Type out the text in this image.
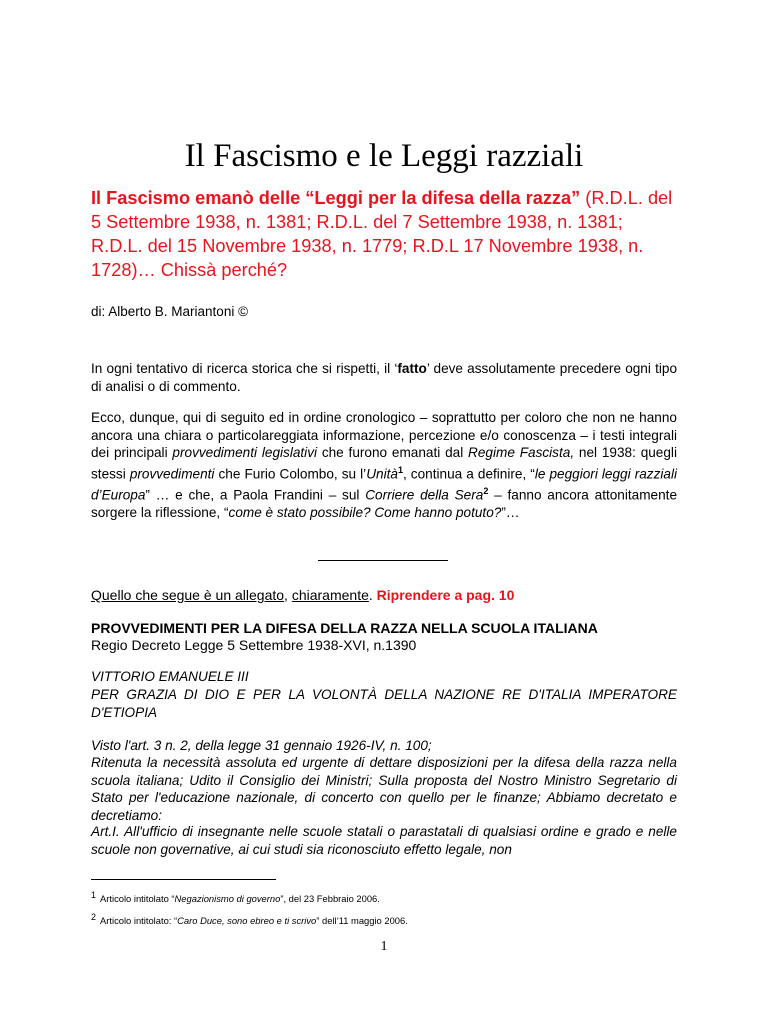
Il Fascismo e le Leggi razziali
Il Fascismo emanò delle “Leggi per la difesa della razza” (R.D.L. del 5 Settembre 1938, n. 1381; R.D.L. del 7 Settembre 1938, n. 1381; R.D.L. del 15 Novembre 1938, n. 1779; R.D.L 17 Novembre 1938, n. 1728)… Chissà perché?
di: Alberto B. Mariantoni ©
In ogni tentativo di ricerca storica che si rispetti, il ‘fatto’ deve assolutamente precedere ogni tipo di analisi o di commento.
Ecco, dunque, qui di seguito ed in ordine cronologico – soprattutto per coloro che non ne hanno ancora una chiara o particolareggiata informazione, percezione e/o conoscenza – i testi integrali dei principali provvedimenti legislativi che furono emanati dal Regime Fascista, nel 1938: quegli stessi provvedimenti che Furio Colombo, su l’Unità$^1$, continua a definire, “le peggiori leggi razziali d’Europa” … e che, a Paola Frandini – sul Corriere della Sera$^2$ – fanno ancora attonitamente sorgere la riflessione, “come è stato possibile? Come hanno potuto?”…
Quello che segue è un allegato, chiaramente. Riprendere a pag. 10
PROVVEDIMENTI PER LA DIFESA DELLA RAZZA NELLA SCUOLA ITALIANA
Regio Decreto Legge 5 Settembre 1938-XVI, n.1390
VITTORIO EMANUELE III
PER GRAZIA DI DIO E PER LA VOLONTÀ DELLA NAZIONE RE D'ITALIA IMPERATORE D'ETIOPIA
Visto l'art. 3 n. 2, della legge 31 gennaio 1926-IV, n. 100;
Ritenuta la necessità assoluta ed urgente di dettare disposizioni per la difesa della razza nella scuola italiana; Udito il Consiglio dei Ministri; Sulla proposta del Nostro Ministro Segretario di Stato per l'educazione nazionale, di concerto con quello per le finanze; Abbiamo decretato e decretiamo:
Art.I. All'ufficio di insegnante nelle scuole statali o parastatali di qualsiasi ordine e grado e nelle scuole non governative, ai cui studi sia riconosciuto effetto legale, non
$^1$ Articolo intitolato “Negazionismo di governo”, del 23 Febbraio 2006.
$^2$ Articolo intitolato: “Caro Duce, sono ebreo e ti scrivo” dell’11 maggio 2006.
1
